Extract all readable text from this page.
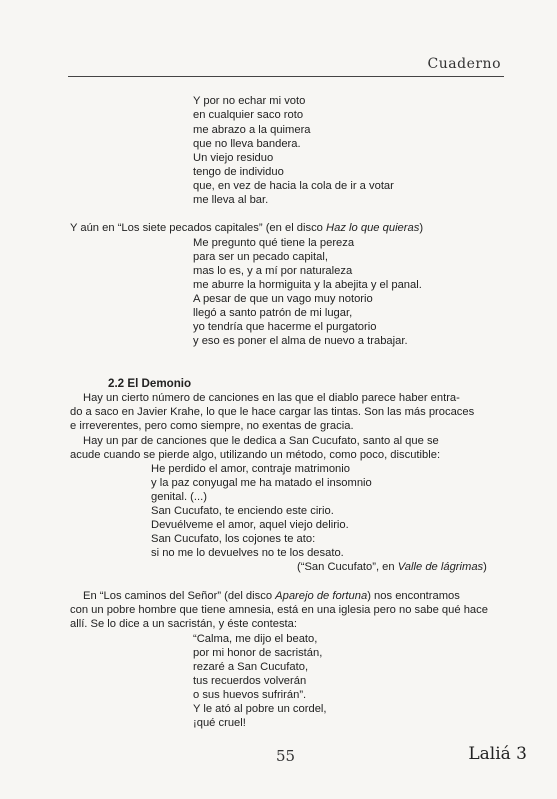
Cuaderno
Y por no echar mi voto
en cualquier saco roto
me abrazo a la quimera
que no lleva bandera.
Un viejo residuo
tengo de individuo
que, en vez de hacia la cola de ir a votar
me lleva al bar.
Y aún en “Los siete pecados capitales” (en el disco Haz lo que quieras)
Me pregunto qué tiene la pereza
para ser un pecado capital,
mas lo es, y a mí por naturaleza
me aburre la hormiguita y la abejita y el panal.
A pesar de que un vago muy notorio
llegó a santo patrón de mi lugar,
yo tendría que hacerme el purgatorio
y eso es poner el alma de nuevo a trabajar.
2.2 El Demonio
Hay un cierto número de canciones en las que el diablo parece haber entra-
do a saco en Javier Krahe, lo que le hace cargar las tintas. Son las más procaces
e irreverentes, pero como siempre, no exentas de gracia.
Hay un par de canciones que le dedica a San Cucufato, santo al que se
acude cuando se pierde algo, utilizando un método, como poco, discutible:
He perdido el amor, contraje matrimonio
y la paz conyugal me ha matado el insomnio
genital. (...)
San Cucufato, te enciendo este cirio.
Devuélveme el amor, aquel viejo delirio.
San Cucufato, los cojones te ato:
si no me lo devuelves no te los desato.
(“San Cucufato”, en Valle de lágrimas)
En “Los caminos del Señor” (del disco Aparejo de fortuna) nos encontramos
con un pobre hombre que tiene amnesia, está en una iglesia pero no sabe qué hace
allí. Se lo dice a un sacristán, y éste contesta:
“Calma, me dijo el beato,
por mi honor de sacristán,
rezaré a San Cucufato,
tus recuerdos volverán
o sus huevos sufrirán”.
Y le ató al pobre un cordel,
¡qué cruel!
55	Laliá 3
